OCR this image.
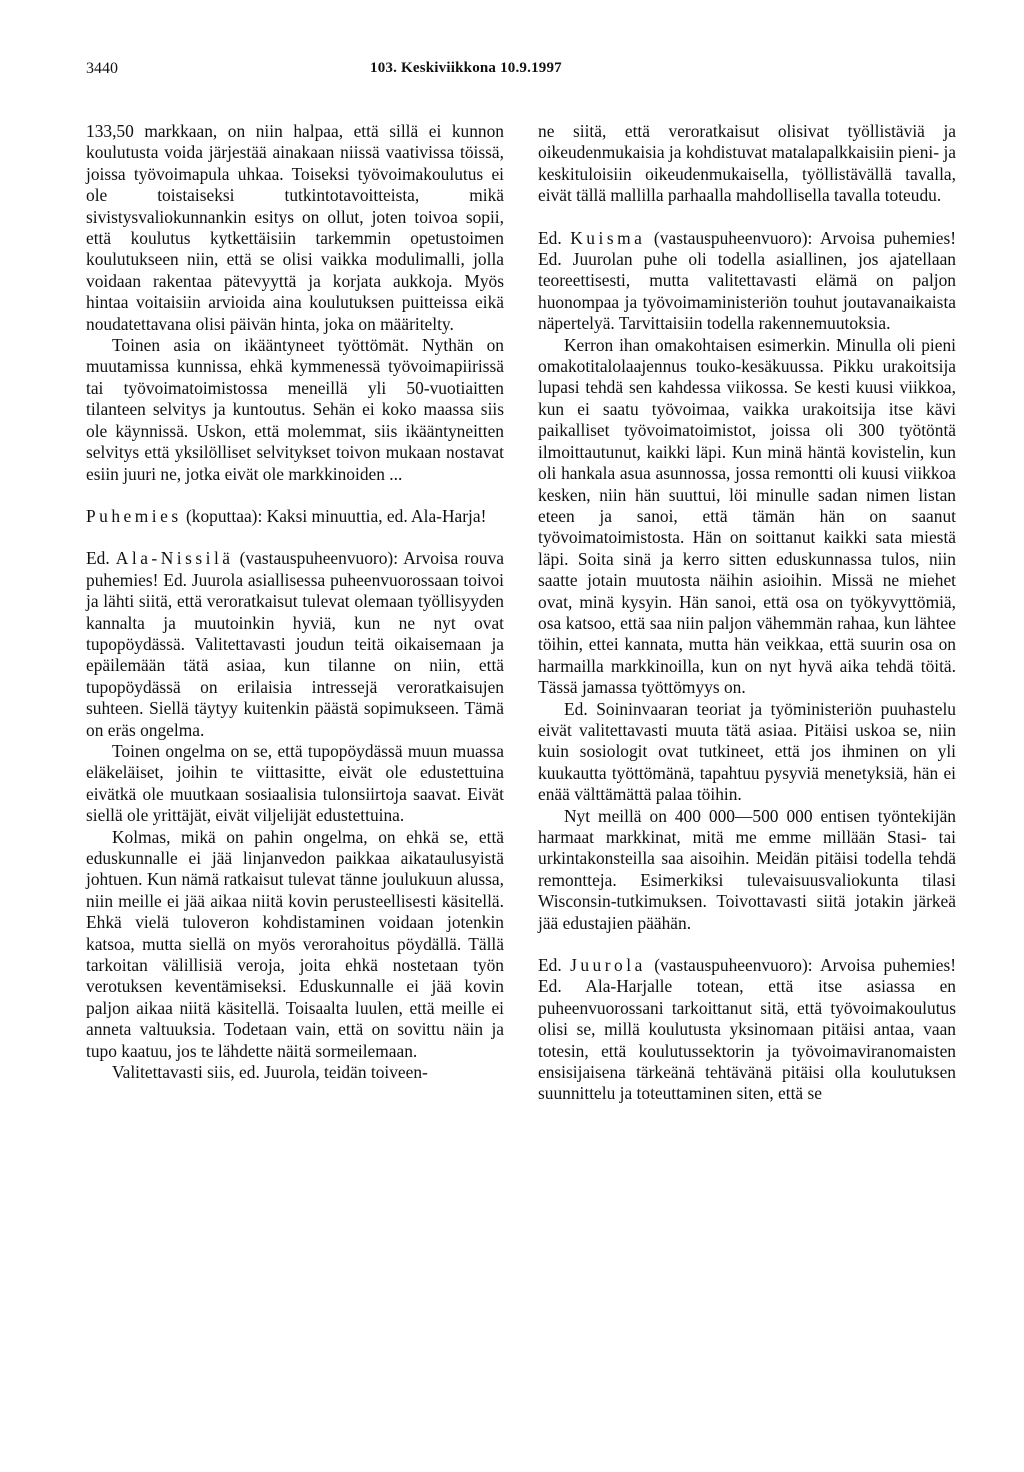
3440	103. Keskiviikkona 10.9.1997

133,50 markkaan, on niin halpaa, että sillä ei kunnon koulutusta voida järjestää ainakaan niissä vaativissa töissä, joissa työvoimapula uhkaa. Toiseksi työvoimakoulutus ei ole toistaiseksi tutkintotavoitteista, mikä sivistysvaliokunnankin esitys on ollut, joten toivoa sopii, että koulutus kytkettäisiin tarkemmin opetustoimen koulutukseen niin, että se olisi vaikka modulimalli, jolla voidaan rakentaa pätevyyttä ja korjata aukkoja. Myös hintaa voitaisiin arvioida aina koulutuksen puitteissa eikä noudatettavana olisi päivän hinta, joka on määritelty.

Toinen asia on ikääntyneet työttömät. Nythän on muutamissa kunnissa, ehkä kymmenessä työvoimapiirissä tai työvoimatoimistossa meneillä yli 50-vuotiaitten tilanteen selvitys ja kuntoutus. Sehän ei koko maassa siis ole käynnissä. Uskon, että molemmat, siis ikääntyneitten selvitys että yksilölliset selvitykset toivon mukaan nostavat esiin juuri ne, jotka eivät ole markkinoiden ...

Puhemies (koputtaa): Kaksi minuuttia, ed. Ala-Harja!

Ed. Ala-Nissilä (vastauspuheenvuoro): Arvoisa rouva puhemies! Ed. Juurola asiallisessa puheenvuorossaan toivoi ja lähti siitä, että veroratkaisut tulevat olemaan työllisyyden kannalta ja muutoinkin hyviä, kun ne nyt ovat tupopöydässä. Valitettavasti joudun teitä oikaisemaan ja epäilemään tätä asiaa, kun tilanne on niin, että tupopöydässä on erilaisia intressejä veroratkaisujen suhteen. Siellä täytyy kuitenkin päästä sopimukseen. Tämä on eräs ongelma.

Toinen ongelma on se, että tupopöydässä muun muassa eläkeläiset, joihin te viittasitte, eivät ole edustettuina eivätkä ole muutkaan sosiaalisia tulonsiirtoja saavat. Eivät siellä ole yrittäjät, eivät viljelijät edustettuina.

Kolmas, mikä on pahin ongelma, on ehkä se, että eduskunnalle ei jää linjanvedon paikkaa aikataulusyistä johtuen. Kun nämä ratkaisut tulevat tänne joulukuun alussa, niin meille ei jää aikaa niitä kovin perusteellisesti käsitellä. Ehkä vielä tuloveron kohdistaminen voidaan jotenkin katsoa, mutta siellä on myös verorahoitus pöydällä. Tällä tarkoitan välillisiä veroja, joita ehkä nostetaan työn verotuksen keventämiseksi. Eduskunnalle ei jää kovin paljon aikaa niitä käsitellä. Toisaalta luulen, että meille ei anneta valtuuksia. Todetaan vain, että on sovittu näin ja tupo kaatuu, jos te lähdette näitä sormeilemaan.

Valitettavasti siis, ed. Juurola, teidän toiveen-

ne siitä, että veroratkaisut olisivat työllistäviä ja oikeudenmukaisia ja kohdistuvat matalapalkkaisiin pieni- ja keskituloisiin oikeudenmukaisella, työllistävällä tavalla, eivät tällä mallilla parhaalla mahdollisella tavalla toteudu.

Ed. Kuisma (vastauspuheenvuoro): Arvoisa puhemies! Ed. Juurolan puhe oli todella asiallinen, jos ajatellaan teoreettisesti, mutta valitettavasti elämä on paljon huonompaa ja työvoimaministeriön touhut joutavanaikaista näpertelyä. Tarvittaisiin todella rakennemuutoksia.

Kerron ihan omakohtaisen esimerkin. Minulla oli pieni omakotitalolaajennus touko-kesäkuussa. Pikku urakoitsija lupasi tehdä sen kahdessa viikossa. Se kesti kuusi viikkoa, kun ei saatu työvoimaa, vaikka urakoitsija itse kävi paikalliset työvoimatoimistot, joissa oli 300 työtöntä ilmoittautunut, kaikki läpi. Kun minä häntä kovistelin, kun oli hankala asua asunnossa, jossa remontti oli kuusi viikkoa kesken, niin hän suuttui, löi minulle sadan nimen listan eteen ja sanoi, että tämän hän on saanut työvoimatoimistosta. Hän on soittanut kaikki sata miestä läpi. Soita sinä ja kerro sitten eduskunnassa tulos, niin saatte jotain muutosta näihin asioihin. Missä ne miehet ovat, minä kysyin. Hän sanoi, että osa on työkyvyttömiä, osa katsoo, että saa niin paljon vähemmän rahaa, kun lähtee töihin, ettei kannata, mutta hän veikkaa, että suurin osa on harmailla markkinoilla, kun on nyt hyvä aika tehdä töitä. Tässä jamassa työttömyys on.

Ed. Soininvaaran teoriat ja työministeriön puuhastelu eivät valitettavasti muuta tätä asiaa. Pitäisi uskoa se, niin kuin sosiologit ovat tutkineet, että jos ihminen on yli kuukautta työttömänä, tapahtuu pysyviä menetyksiä, hän ei enää välttämättä palaa töihin.

Nyt meillä on 400 000—500 000 entisen työntekijän harmaat markkinat, mitä me emme millään Stasi- tai urkintakonsteilla saa aisoihin. Meidän pitäisi todella tehdä remontteja. Esimerkiksi tulevaisuusvaliokunta tilasi Wisconsin-tutkimuksen. Toivottavasti siitä jotakin järkeä jää edustajien päähän.

Ed. Juurola (vastauspuheenvuoro): Arvoisa puhemies! Ed. Ala-Harjalle totean, että itse asiassa en puheenvuorossani tarkoittanut sitä, että työvoimakoulutus olisi se, millä koulutusta yksinomaan pitäisi antaa, vaan totesin, että koulutussektorin ja työvoimaviranomaisten ensisijaisena tärkeänä tehtävänä pitäisi olla koulutuksen suunnittelu ja toteuttaminen siten, että se
